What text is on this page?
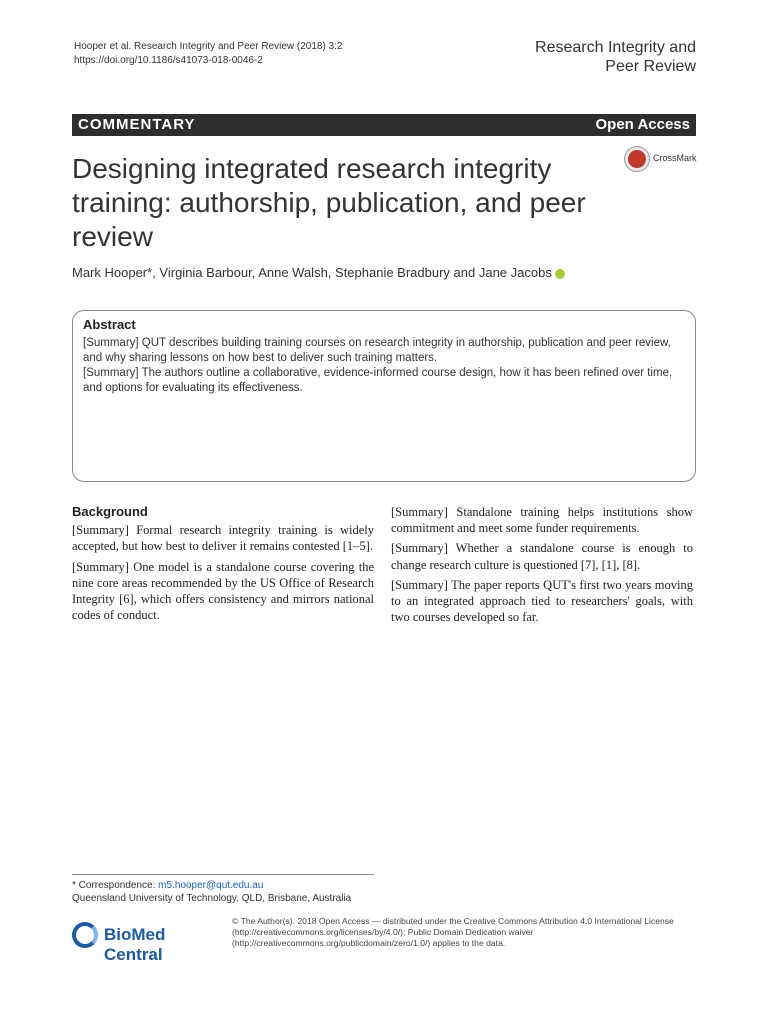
Hooper et al. Research Integrity and Peer Review (2018) 3:2
https://doi.org/10.1186/s41073-018-0046-2
Research Integrity and
Peer Review
COMMENTARY	Open Access
CrossMark
Designing integrated research integrity training: authorship, publication, and peer review
Mark Hooper*, Virginia Barbour, Anne Walsh, Stephanie Bradbury and Jane Jacobs
Abstract

[Summary] QUT describes building training courses on research integrity in authorship, publication and peer review, and why sharing lessons on how best to deliver such training matters.

[Summary] The authors outline a collaborative, evidence-informed course design, how it has been refined over time, and options for evaluating its effectiveness.

Background

[Summary] Formal research integrity training is widely accepted, but how best to deliver it remains contested [1–5].

[Summary] One model is a standalone course covering the nine core areas recommended by the US Office of Research Integrity [6], which offers consistency and mirrors national codes of conduct.

[Summary] Standalone training helps institutions show commitment and meet some funder requirements.

[Summary] Whether a standalone course is enough to change research culture is questioned [7], [1], [8].

[Summary] The paper reports QUT's first two years moving to an integrated approach tied to researchers' goals, with two courses developed so far.

* Correspondence: m5.hooper@qut.edu.au
Queensland University of Technology, QLD, Brisbane, Australia
BioMed Central
© The Author(s). 2018 Open Access — distributed under the Creative Commons Attribution 4.0 International License (http://creativecommons.org/licenses/by/4.0/); Public Domain Dedication waiver (http://creativecommons.org/publicdomain/zero/1.0/) applies to the data.
